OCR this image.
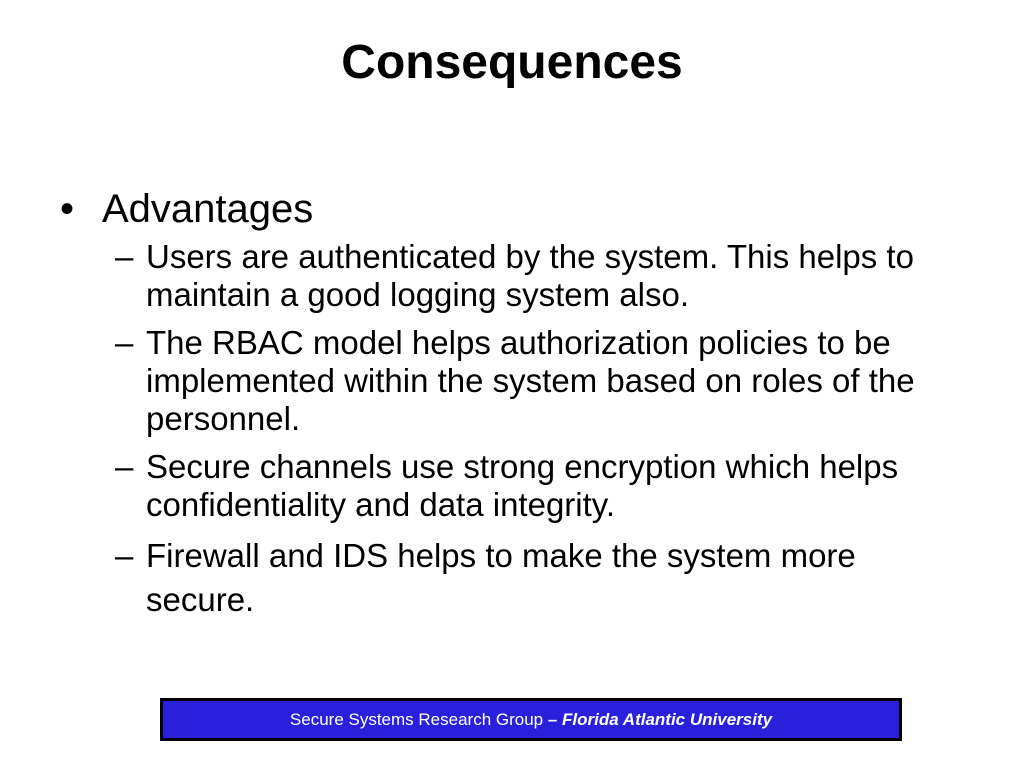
Consequences
• Advantages
– Users are authenticated by the system. This helps to maintain a good logging system also.
– The RBAC model helps authorization policies to be implemented within the system based on roles of the personnel.
– Secure channels use strong encryption which helps confidentiality and data integrity.
– Firewall and IDS helps to make the system more secure.
Secure Systems Research Group
– Florida Atlantic University
